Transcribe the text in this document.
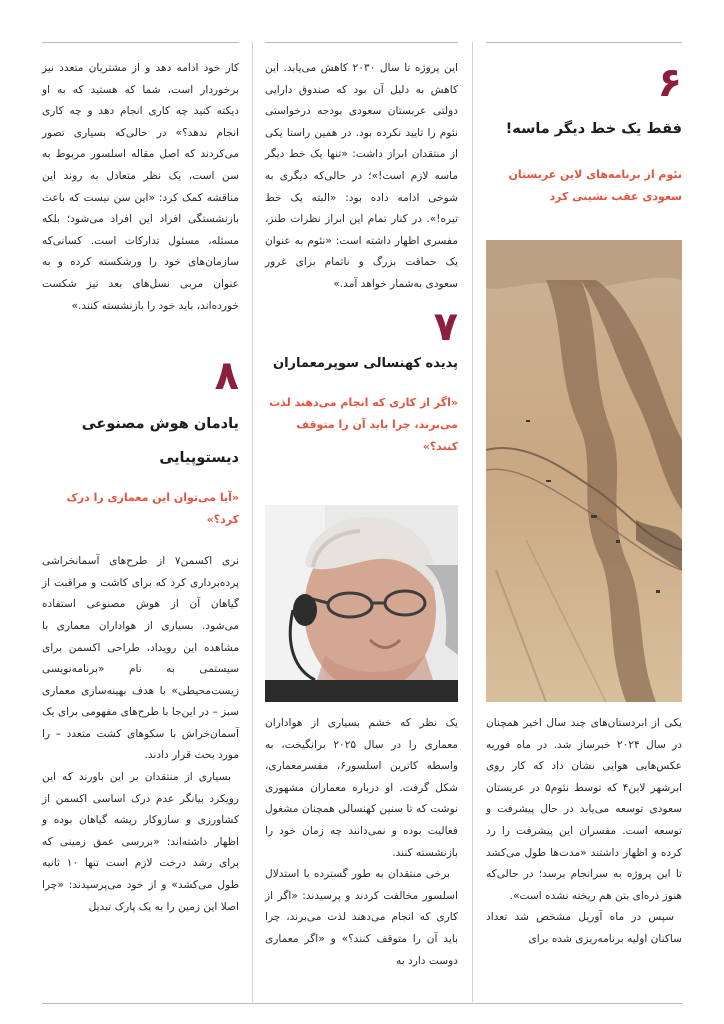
۶

فقط یک خط دیگر ماسه!

نئوم از برنامه‌های لاین عربستان سعودی عقب نشینی کرد

یکی از ابردستان‌های چند سال اخیر همچنان در سال ۲۰۲۴ خبرساز شد. در ماه فوریه عکس‌هایی هوایی نشان داد که کار روی ابرشهر لاین۴ که توسط نئوم۵ در عربستان سعودی توسعه می‌یابد در حال پیشرفت و توسعه است. مفسران این پیشرفت را رد کرده و اظهار داشتند «مدت‌ها طول می‌کشد تا این پروژه به سرانجام برسد؛ در حالی‌که هنوز ذره‌ای بتن هم ریخته نشده است».

سپس در ماه آوریل مشخص شد تعداد ساکنان اولیه برنامه‌ریزی شده برای

این پروژه تا سال ۲۰۳۰ کاهش می‌یابد. این کاهش به دلیل آن بود که صندوق دارایی دولتی عربستان سعودی بودجه درخواستی نئوم را تایید نکرده بود. در همین راستا یکی از منتقدان ابراز داشت: «تنها یک خط دیگر ماسه لازم است!»؛ در حالی‌که دیگری به شوخی ادامه داده بود: «البته یک خط تیره!». در کنار تمام این ابراز نظرات طنز، مفسری اظهار داشته است: «نئوم به عنوان یک حماقت بزرگ و ناتمام برای غرور سعودی به‌شمار خواهد آمد.»

۷

پدیده کهنسالی سوپرمعماران

«اگر از کاری که انجام می‌دهند لذت می‌برند، چرا باید آن را متوقف کنند؟»

یک نظر که خشم بسیاری از هواداران معماری را در سال ۲۰۲۵ برانگیخت، به واسطه کاترین اسلسور۶، مفسرمعماری، شکل گرفت. او درباره معماران مشهوری نوشت که تا سنین کهنسالی همچنان مشغول فعالیت بوده و نمی‌دانند چه زمان خود را بازنشسته کنند.

برخی منتقدان به طور گسترده با استدلال اسلسور مخالفت کردند و پرسیدند: «اگر از کاری که انجام می‌دهند لذت می‌برند، چرا باید آن را متوقف کنند؟» و «اگر معماری دوست دارد به

کار خود ادامه دهد و از مشتریان متعدد نیز برخوردار است، شما که هستید که به او دیکته کنید چه کاری انجام دهد و چه کاری انجام ندهد؟» در حالی‌که بسیاری تصور می‌کردند که اصل مقاله اسلسور مربوط به سن است، یک نظر متعادل به روند این مناقشه کمک کرد: «این سن نیست که باعث بازنشستگی افراد این افراد می‌شود؛ بلکه مسئله، مسئول تدارکات است. کسانی‌که سازمان‌های خود را ورشکسته کرده و به عنوان مربی نسل‌های بعد نیز شکست خورده‌اند، باید خود را بازنشسته کنند.»

۸

یادمان هوش مصنوعی

دیستوپیایی

«آیا می‌توان این معماری را درک کرد؟»

نری اکسمن۷ از طرح‌های آسمانخراشی پرده‌برداری کرد که برای کاشت و مراقبت از گیاهان آن از هوش مصنوعی استفاده می‌شود. بسیاری از هواداران معماری با مشاهده این رویداد، طراحی اکسمن برای سیستمی به نام «برنامه‌نویسی زیست‌محیطی» با هدف بهینه‌سازی معماری سبز – در این‌جا با طرح‌های مفهومی برای یک آسمان‌خراش با سکوهای کشت متعدد – را مورد بحث قرار دادند.

بسیاری از منتقدان بر این باورند که این رویکرد بیانگر عدم درک اساسی اکسمن از کشاورزی و سازوکار ریشه گیاهان بوده و اظهار داشته‌اند: «بررسی عمق زمینی که برای رشد درخت لازم است تنها ۱۰ ثانیه طول می‌کشد» و از خود می‌پرسیدند: «چرا اصلا این زمین را به یک پارک تبدیل
